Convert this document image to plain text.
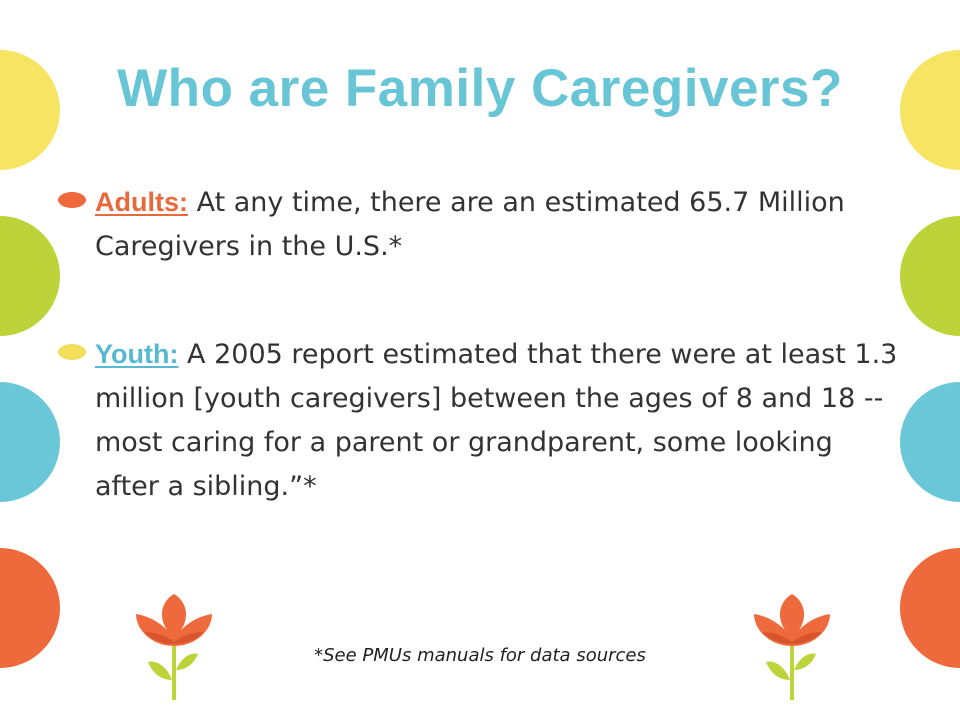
Who are Family Caregivers?
Adults: At any time, there are an estimated 65.7 Million Caregivers in the U.S.*
Youth: A 2005 report estimated that there were at least 1.3 million [youth caregivers] between the ages of 8 and 18 -- most caring for a parent or grandparent, some looking after a sibling.”*
*See PMUs manuals for data sources
